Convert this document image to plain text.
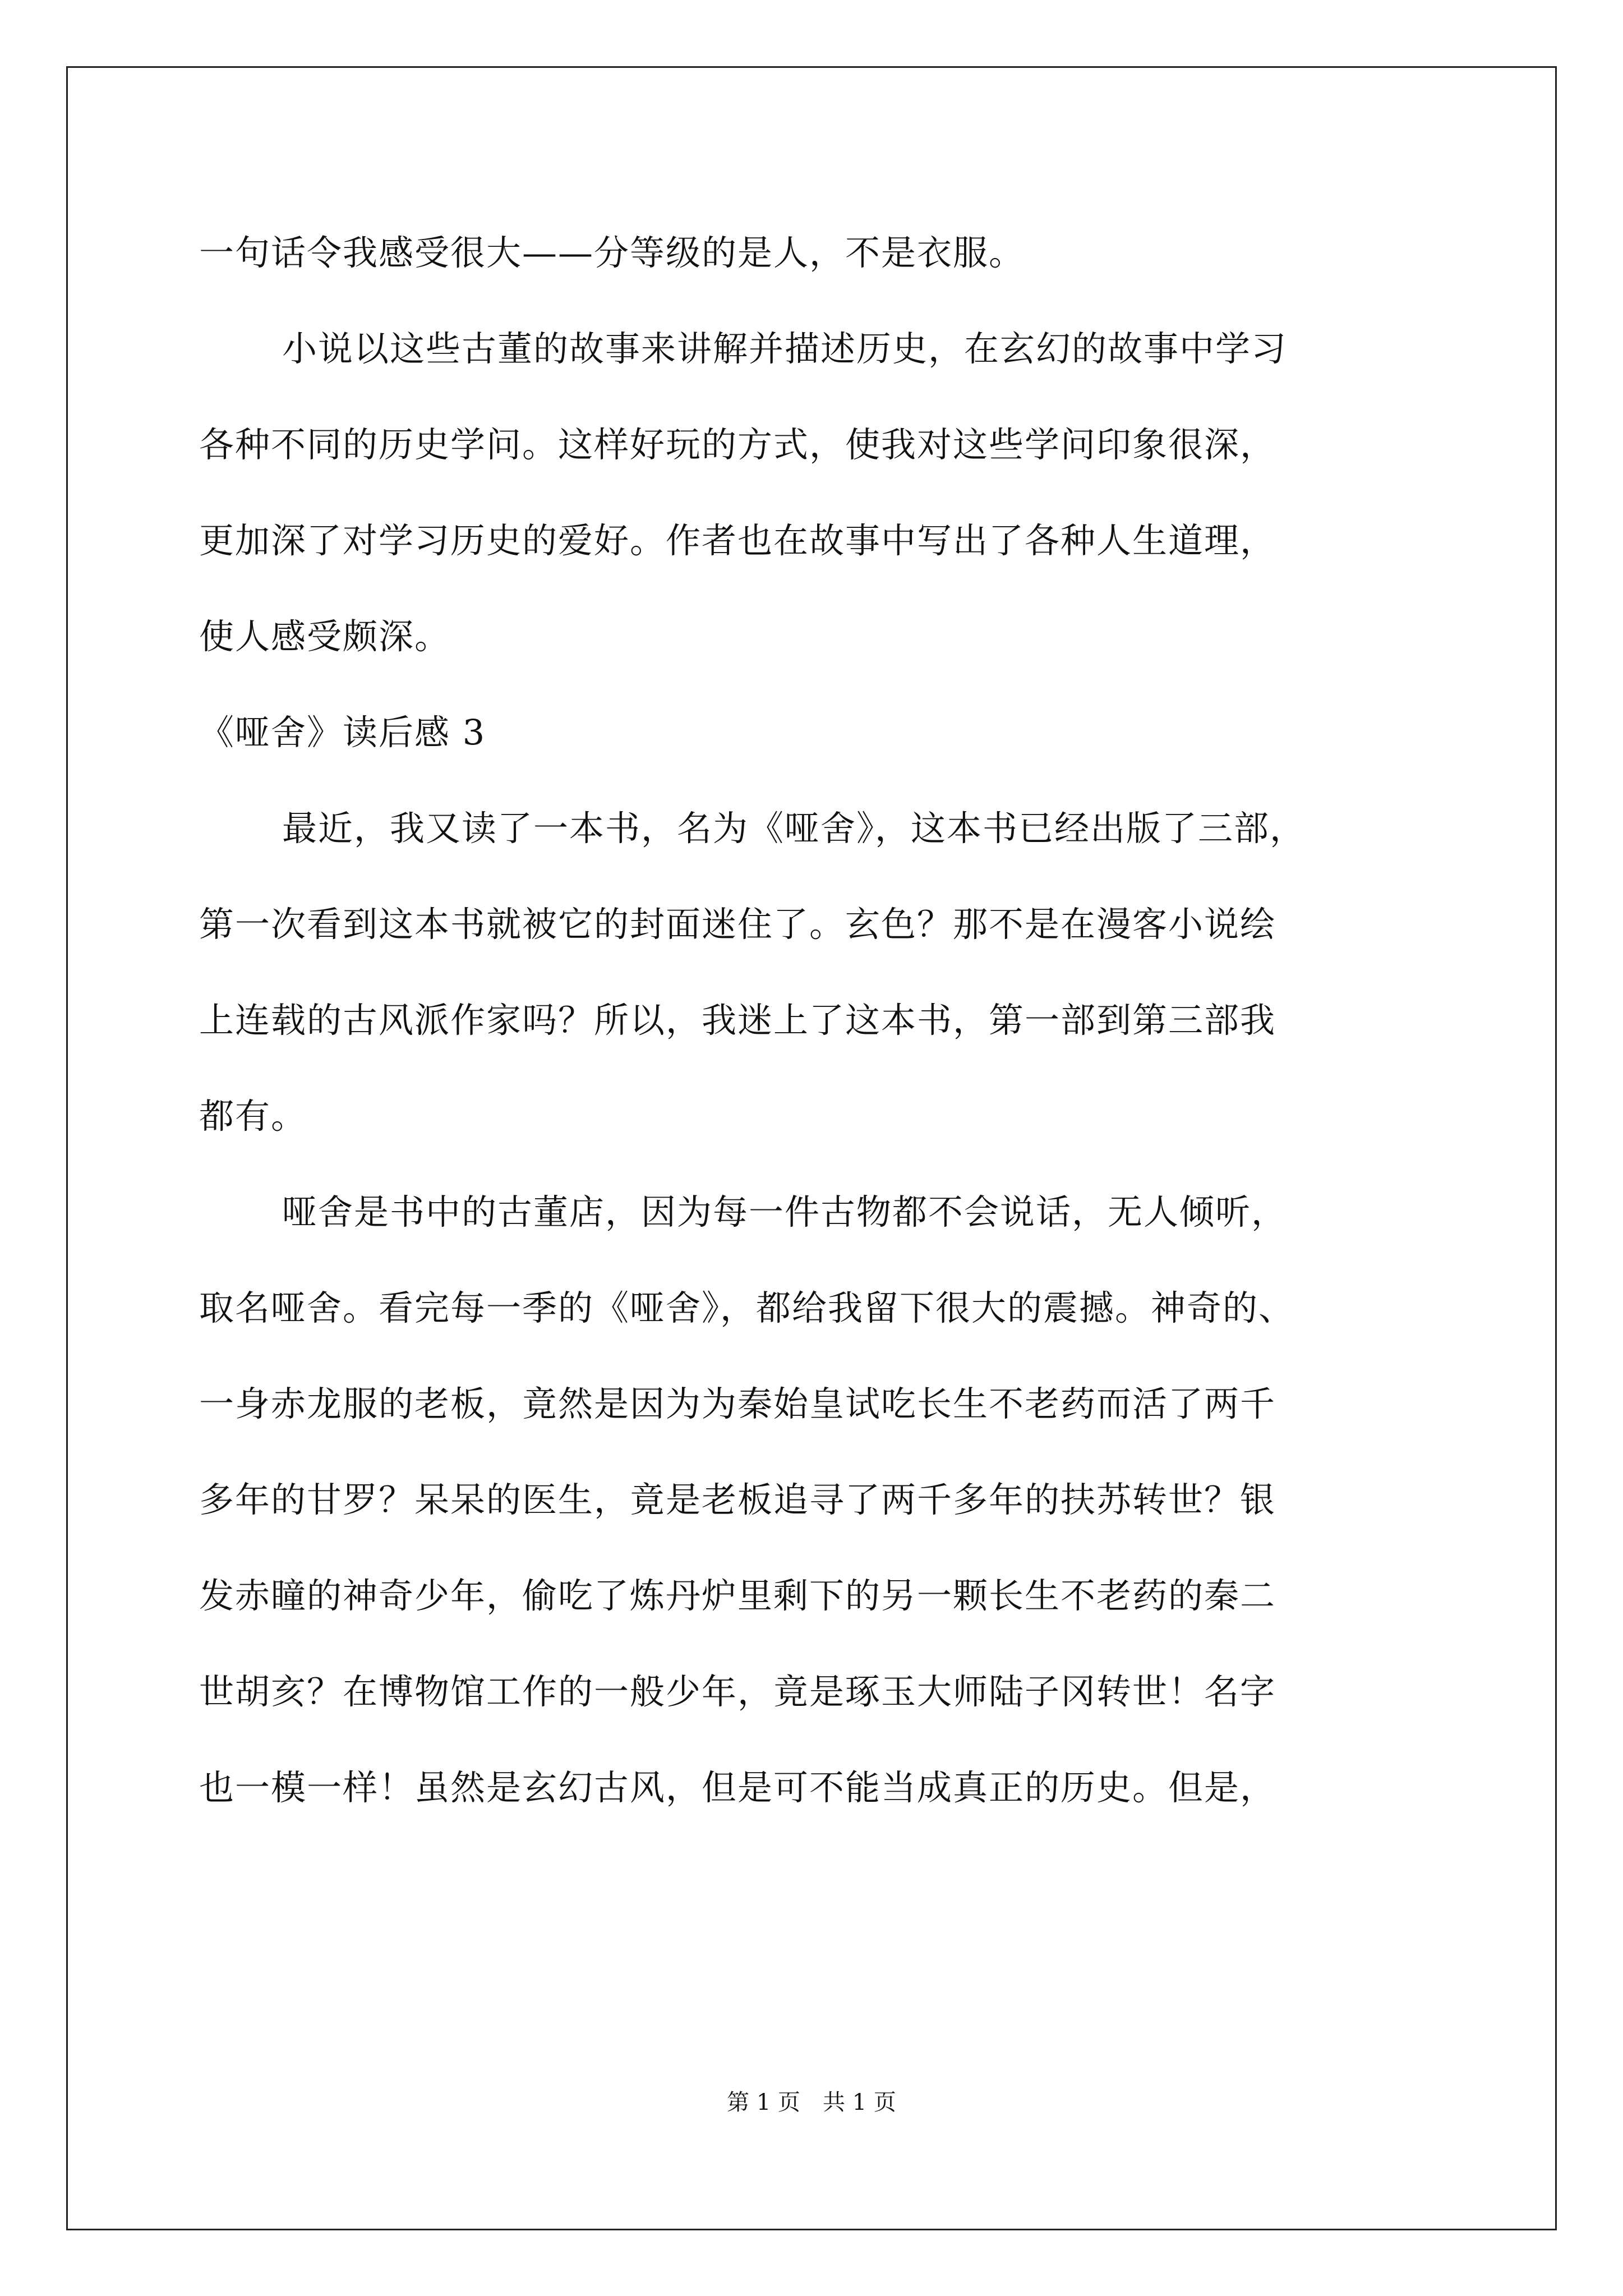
一句话令我感受很大——分等级的是人，不是衣服。
小说以这些古董的故事来讲解并描述历史，在玄幻的故事中学习
各种不同的历史学问。这样好玩的方式，使我对这些学问印象很深，
更加深了对学习历史的爱好。作者也在故事中写出了各种人生道理，
使人感受颇深。
《哑舍》读后感 3
最近，我又读了一本书，名为《哑舍》，这本书已经出版了三部，
第一次看到这本书就被它的封面迷住了。玄色？那不是在漫客小说绘
上连载的古风派作家吗？所以，我迷上了这本书，第一部到第三部我
都有。
哑舍是书中的古董店，因为每一件古物都不会说话，无人倾听，
取名哑舍。看完每一季的《哑舍》，都给我留下很大的震撼。神奇的、
一身赤龙服的老板，竟然是因为为秦始皇试吃长生不老药而活了两千
多年的甘罗？呆呆的医生，竟是老板追寻了两千多年的扶苏转世？银
发赤瞳的神奇少年，偷吃了炼丹炉里剩下的另一颗长生不老药的秦二
世胡亥？在博物馆工作的一般少年，竟是琢玉大师陆子冈转世！名字
也一模一样！虽然是玄幻古风，但是可不能当成真正的历史。但是，
第 1 页　共 1 页
